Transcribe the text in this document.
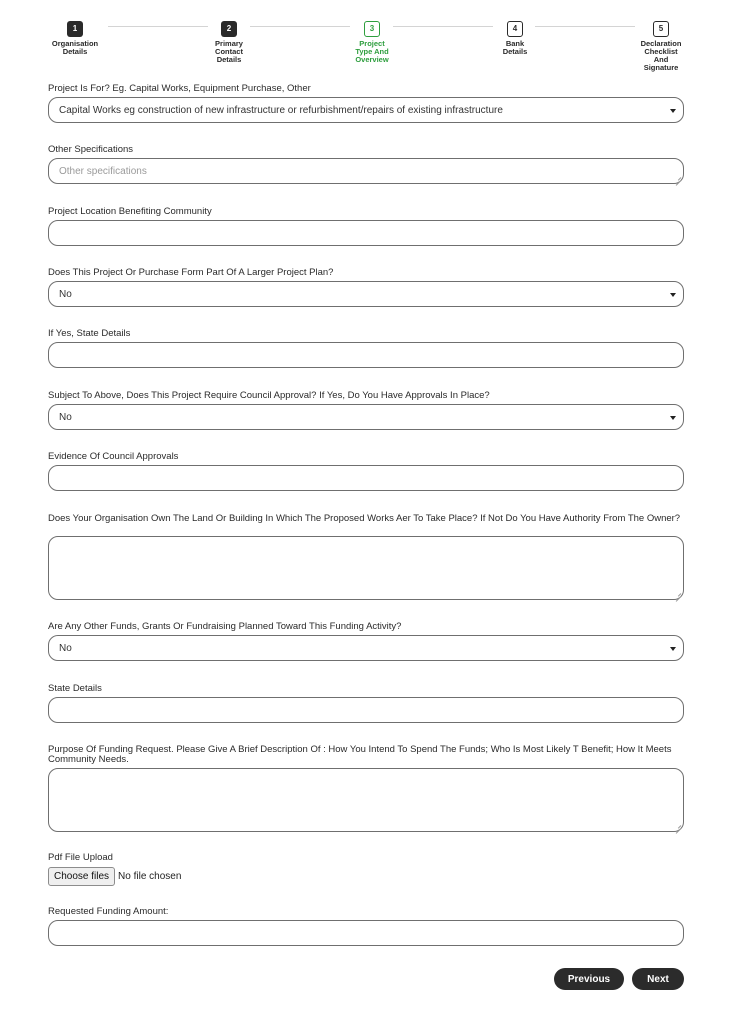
1
Organisation
Details
2
Primary
Contact
Details
3
Project
Type And
Overview
4
Bank
Details
5
Declaration
Checklist
And
Signature
Project Is For? Eg. Capital Works, Equipment Purchase, Other
Capital Works eg construction of new infrastructure or refurbishment/repairs of existing infrastructure
Other Specifications
Other specifications
Project Location Benefiting Community
Does This Project Or Purchase Form Part Of A Larger Project Plan?
No
If Yes, State Details
Subject To Above, Does This Project Require Council Approval? If Yes, Do You Have Approvals In Place?
No
Evidence Of Council Approvals
Does Your Organisation Own The Land Or Building In Which The Proposed Works Aer To Take Place? If Not Do You Have Authority From The Owner?
Are Any Other Funds, Grants Or Fundraising Planned Toward This Funding Activity?
No
State Details
Purpose Of Funding Request. Please Give A Brief Description Of : How You Intend To Spend The Funds; Who Is Most Likely T Benefit; How It Meets Community Needs.
Pdf File Upload
Choose files No file chosen
Requested Funding Amount:
Previous	Next
